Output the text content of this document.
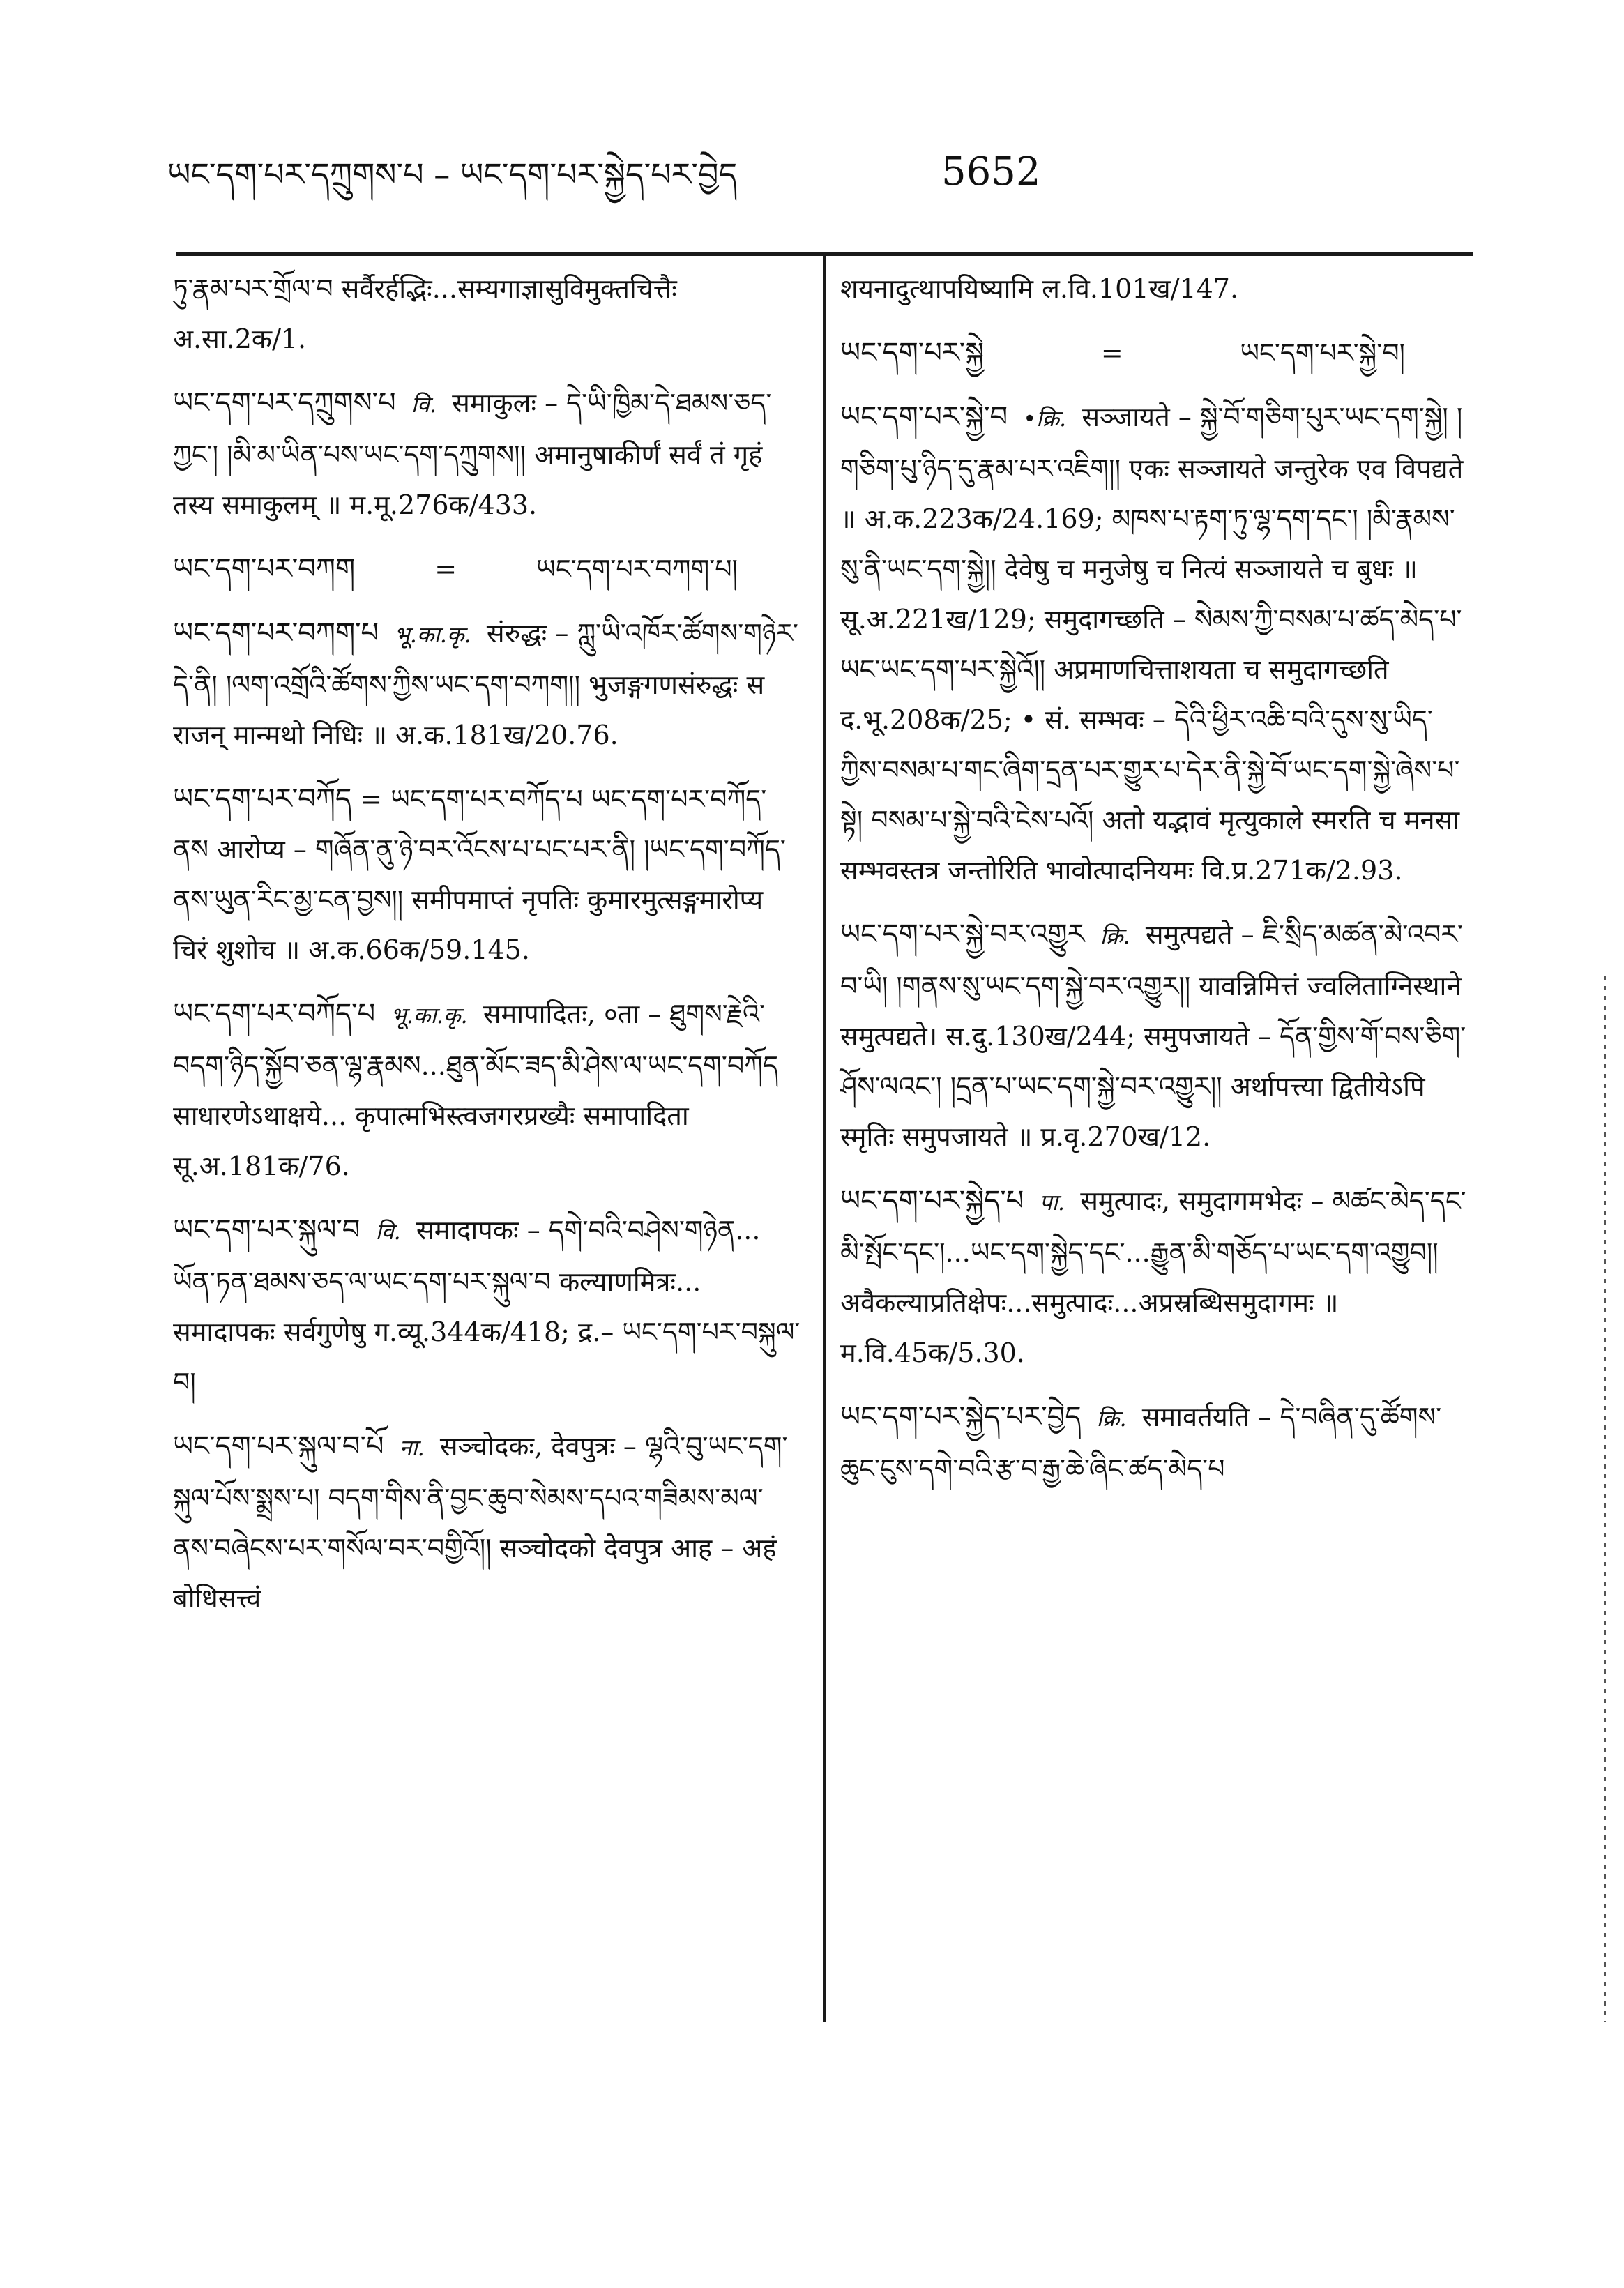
ཡང་དག་པར་དཀྲུགས་པ – ཡང་དག་པར་སྐྱེད་པར་བྱེད	5652
ཏུ་རྣམ་པར་གྲོལ་བ सर्वैरर्हद्भिः...सम्यगाज्ञासुविमुक्तचित्तैः अ.सा.2क/1.
ཡང་དག་པར་དཀྲུགས་པ वि. समाकुलः – དེ་ཡི་ཁྱིམ་དེ་ཐམས་ཅད་ཀྱང་། །མི་མ་ཡིན་པས་ཡང་དག་དཀྲུགས།། अमानुषाकीर्णं सर्वं तं गृहं तस्य समाकुलम् ॥ म.मू.276क/433.
ཡང་དག་པར་བཀག	=	ཡང་དག་པར་བཀག་པ།
ཡང་དག་པར་བཀག་པ भू.का.कृ. संरुद्धः – ཀླུ་ཡི་འཁོར་ཚོགས་གཉེར་དེ་ནི། །ལག་འགྲོའི་ཚོགས་ཀྱིས་ཡང་དག་བཀག།། भुजङ्गगणसंरुद्धः स राजन् मान्मथो निधिः ॥ अ.क.181ख/20.76.
ཡང་དག་པར་བཀོད = ཡང་དག་པར་བཀོད་པ ཡང་དག་པར་བཀོད་ནས आरोप्य – གཞོན་ནུ་ཉེ་བར་འོངས་པ་པང་པར་ནི། །ཡང་དག་བཀོད་ནས་ཡུན་རིང་མྱ་ངན་བྱས།། समीपमाप्तं नृपतिः कुमारमुत्सङ्गमारोप्य चिरं शुशोच ॥ अ.क.66क/59.145.
ཡང་དག་པར་བཀོད་པ भू.का.कृ. समापादितः, ०ता – ཐུགས་རྗེའི་བདག་ཉིད་སྐྱོབ་ཅན་ལྷ་རྣམས...ཐུན་མོང་ཟད་མི་ཤེས་ལ་ཡང་དག་བཀོད साधारणेऽथाक्षये... कृपात्मभिस्त्वजगरप्रख्यैः समापादिता सू.अ.181क/76.
ཡང་དག་པར་སྐུལ་བ वि. समादापकः – དགེ་བའི་བཤེས་གཉེན... ཡོན་ཏན་ཐམས་ཅད་ལ་ཡང་དག་པར་སྐུལ་བ कल्याणमित्रः... समादापकः सर्वगुणेषु ग.व्यू.344क/418; द्र.– ཡང་དག་པར་བསྐུལ་བ།
ཡང་དག་པར་སྐུལ་བ་པོ ना. सञ्चोदकः, देवपुत्रः – ལྷའི་བུ་ཡང་དག་སྐུལ་པོས་སྨྲས་པ། བདག་གིས་ནི་བྱང་ཆུབ་སེམས་དཔའ་གཟིམས་མལ་ནས་བཞེངས་པར་གསོལ་བར་བགྱིའོ།། सञ्चोदको देवपुत्र आह – अहं बोधिसत्त्वं
शयनादुत्थापयिष्यामि ल.वि.101ख/147.
ཡང་དག་པར་སྐྱེ	=	ཡང་དག་པར་སྐྱེ་བ།
ཡང་དག་པར་སྐྱེ་བ •क्रि. सञ्जायते – སྐྱེ་བོ་གཅིག་པུར་ཡང་དག་སྐྱེ། །གཅིག་པུ་ཉིད་དུ་རྣམ་པར་འཇིག།། एकः सञ्जायते जन्तुरेक एव विपद्यते ॥ अ.क.223क/24.169; མཁས་པ་རྟག་ཏུ་ལྷ་དག་དང་། །མི་རྣམས་སུ་ནི་ཡང་དག་སྐྱེ།། देवेषु च मनुजेषु च नित्यं सञ्जायते च बुधः ॥ सू.अ.221ख/129; समुदागच्छति – སེམས་ཀྱི་བསམ་པ་ཚད་མེད་པ་ཡང་ཡང་དག་པར་སྐྱེའོ།། अप्रमाणचित्ताशयता च समुदागच्छति द.भू.208क/25; • सं. सम्भवः – དེའི་ཕྱིར་འཆི་བའི་དུས་སུ་ཡིད་ཀྱིས་བསམ་པ་གང་ཞིག་དྲན་པར་གྱུར་པ་དེར་ནི་སྐྱེ་བོ་ཡང་དག་སྐྱེ་ཞེས་པ་སྟེ། བསམ་པ་སྐྱེ་བའི་ངེས་པའོ། अतो यद्भावं मृत्युकाले स्मरति च मनसा सम्भवस्तत्र जन्तोरिति भावोत्पादनियमः वि.प्र.271क/2.93.
ཡང་དག་པར་སྐྱེ་བར་འགྱུར क्रि. समुत्पद्यते – ཇི་སྲིད་མཚན་མེ་འབར་བ་ཡི། །གནས་སུ་ཡང་དག་སྐྱེ་བར་འགྱུར།། यावन्निमित्तं ज्वलिताग्निस्थाने समुत्पद्यते। स.दु.130ख/244; समुपजायते – དོན་གྱིས་གོ་བས་ཅིག་ཤོས་ལའང་། །དྲན་པ་ཡང་དག་སྐྱེ་བར་འགྱུར།། अर्थापत्त्या द्वितीयेऽपि स्मृतिः समुपजायते ॥ प्र.वृ.270ख/12.
ཡང་དག་པར་སྐྱེད་པ पा. समुत्पादः, समुदागमभेदः – མཚང་མེད་དང་མི་སྤོང་དང་།...ཡང་དག་སྐྱེད་དང་...རྒྱུན་མི་གཅོད་པ་ཡང་དག་འགྱུབ།། अवैकल्याप्रतिक्षेपः...समुत्पादः...अप्रस्रब्धिसमुदागमः ॥ म.वि.45क/5.30.
ཡང་དག་པར་སྐྱེད་པར་བྱེད क्रि. समावर्तयति – དེ་བཞིན་དུ་ཚོགས་ཆུང་ངུས་དགེ་བའི་རྩ་བ་རྒྱ་ཆེ་ཞིང་ཚད་མེད་པ
